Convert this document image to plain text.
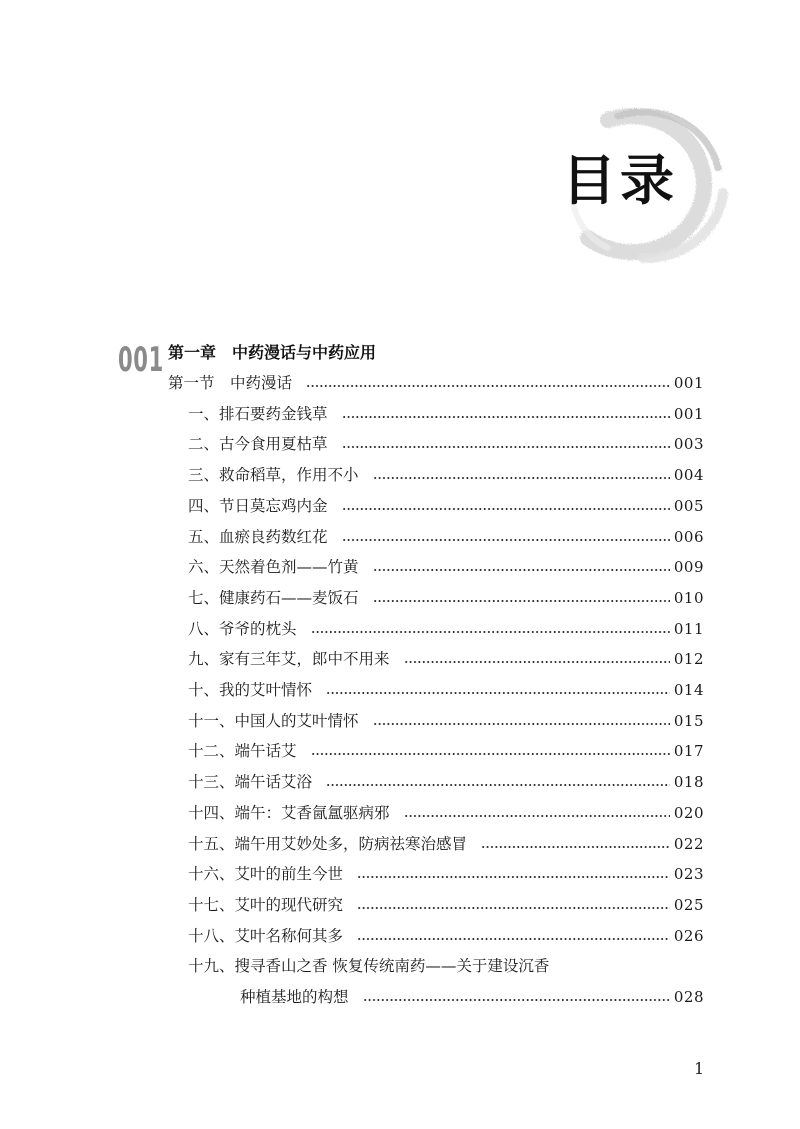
目录
001 第一章　中药漫话与中药应用
第一节　中药漫话	001
一、排石要药金钱草	001
二、古今食用夏枯草	003
三、救命稻草，作用不小	004
四、节日莫忘鸡内金	005
五、血瘀良药数红花	006
六、天然着色剂——竹黄	009
七、健康药石——麦饭石	010
八、爷爷的枕头	011
九、家有三年艾，郎中不用来	012
十、我的艾叶情怀	014
十一、中国人的艾叶情怀	015
十二、端午话艾	017
十三、端午话艾浴	018
十四、端午：艾香氤氲驱病邪	020
十五、端午用艾妙处多，防病祛寒治感冒	022
十六、艾叶的前生今世	023
十七、艾叶的现代研究	025
十八、艾叶名称何其多	026
十九、搜寻香山之香 恢复传统南药——关于建设沉香
种植基地的构想	028
1
